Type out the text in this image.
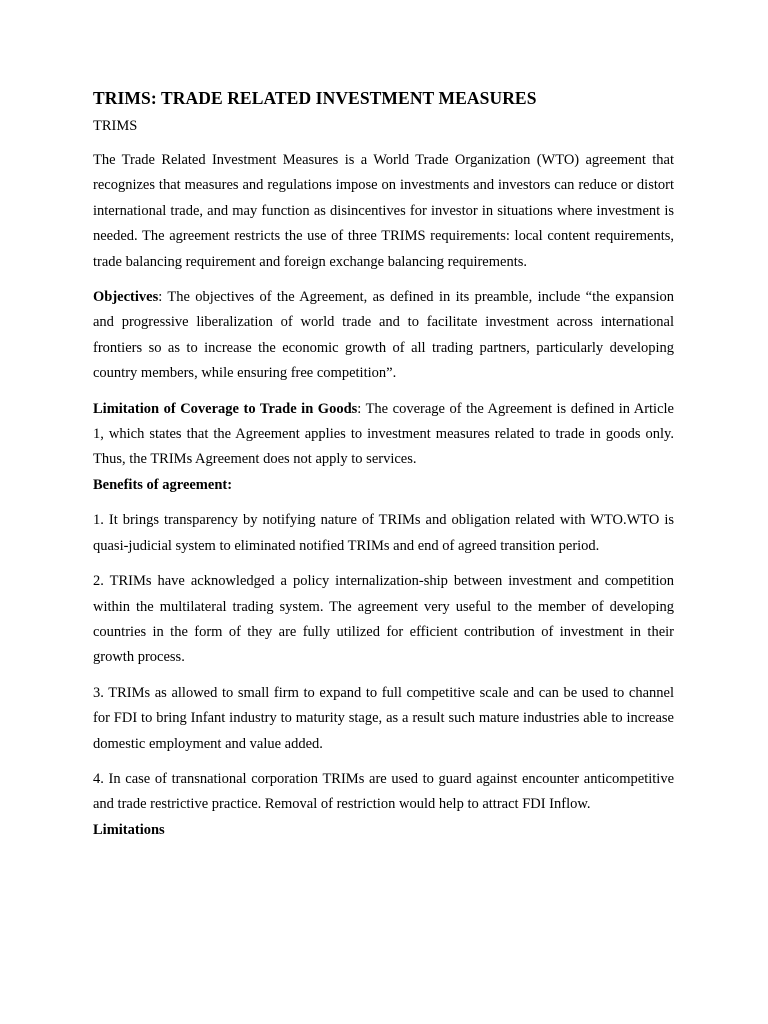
TRIMS: TRADE RELATED INVESTMENT MEASURES
TRIMS

The Trade Related Investment Measures is a World Trade Organization (WTO) agreement that recognizes that measures and regulations impose on investments and investors can reduce or distort international trade, and may function as disincentives for investor in situations where investment is needed. The agreement restricts the use of three TRIMS requirements: local content requirements, trade balancing requirement and foreign exchange balancing requirements.

Objectives: The objectives of the Agreement, as defined in its preamble, include “the expansion and progressive liberalization of world trade and to facilitate investment across international frontiers so as to increase the economic growth of all trading partners, particularly developing country members, while ensuring free competition”.

Limitation of Coverage to Trade in Goods: The coverage of the Agreement is defined in Article 1, which states that the Agreement applies to investment measures related to trade in goods only. Thus, the TRIMs Agreement does not apply to services.

Benefits of agreement:

1. It brings transparency by notifying nature of TRIMs and obligation related with WTO.WTO is quasi-judicial system to eliminated notified TRIMs and end of agreed transition period.

2. TRIMs have acknowledged a policy internalization-ship between investment and competition within the multilateral trading system. The agreement very useful to the member of developing countries in the form of they are fully utilized for efficient contribution of investment in their growth process.

3. TRIMs as allowed to small firm to expand to full competitive scale and can be used to channel for FDI to bring Infant industry to maturity stage, as a result such mature industries able to increase domestic employment and value added.

4. In case of transnational corporation TRIMs are used to guard against encounter anticompetitive and trade restrictive practice. Removal of restriction would help to attract FDI Inflow.

Limitations
